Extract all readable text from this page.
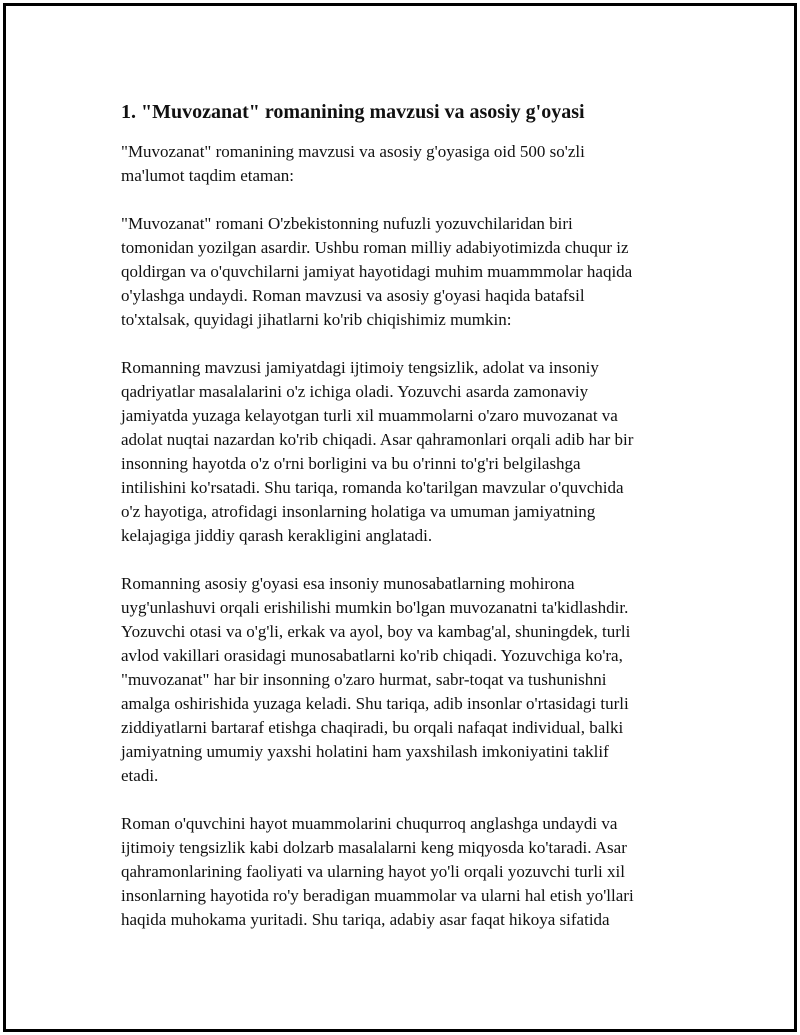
1. "Muvozanat" romanining mavzusi va asosiy g'oyasi
"Muvozanat" romanining mavzusi va asosiy g'oyasiga oid 500 so'zli
ma'lumot taqdim etaman:
"Muvozanat" romani O'zbekistonning nufuzli yozuvchilaridan biri
tomonidan yozilgan asardir. Ushbu roman milliy adabiyotimizda chuqur iz
qoldirgan va o'quvchilarni jamiyat hayotidagi muhim muammmolar haqida
o'ylashga undaydi. Roman mavzusi va asosiy g'oyasi haqida batafsil
to'xtalsak, quyidagi jihatlarni ko'rib chiqishimiz mumkin:
Romanning mavzusi jamiyatdagi ijtimoiy tengsizlik, adolat va insoniy
qadriyatlar masalalarini o'z ichiga oladi. Yozuvchi asarda zamonaviy
jamiyatda yuzaga kelayotgan turli xil muammolarni o'zaro muvozanat va
adolat nuqtai nazardan ko'rib chiqadi. Asar qahramonlari orqali adib har bir
insonning hayotda o'z o'rni borligini va bu o'rinni to'g'ri belgilashga
intilishini ko'rsatadi. Shu tariqa, romanda ko'tarilgan mavzular o'quvchida
o'z hayotiga, atrofidagi insonlarning holatiga va umuman jamiyatning
kelajagiga jiddiy qarash kerakligini anglatadi.
Romanning asosiy g'oyasi esa insoniy munosabatlarning mohirona
uyg'unlashuvi orqali erishilishi mumkin bo'lgan muvozanatni ta'kidlashdir.
Yozuvchi otasi va o'g'li, erkak va ayol, boy va kambag'al, shuningdek, turli
avlod vakillari orasidagi munosabatlarni ko'rib chiqadi. Yozuvchiga ko'ra,
"muvozanat" har bir insonning o'zaro hurmat, sabr-toqat va tushunishni
amalga oshirishida yuzaga keladi. Shu tariqa, adib insonlar o'rtasidagi turli
ziddiyatlarni bartaraf etishga chaqiradi, bu orqali nafaqat individual, balki
jamiyatning umumiy yaxshi holatini ham yaxshilash imkoniyatini taklif
etadi.
Roman o'quvchini hayot muammolarini chuqurroq anglashga undaydi va
ijtimoiy tengsizlik kabi dolzarb masalalarni keng miqyosda ko'taradi. Asar
qahramonlarining faoliyati va ularning hayot yo'li orqali yozuvchi turli xil
insonlarning hayotida ro'y beradigan muammolar va ularni hal etish yo'llari
haqida muhokama yuritadi. Shu tariqa, adabiy asar faqat hikoya sifatida
